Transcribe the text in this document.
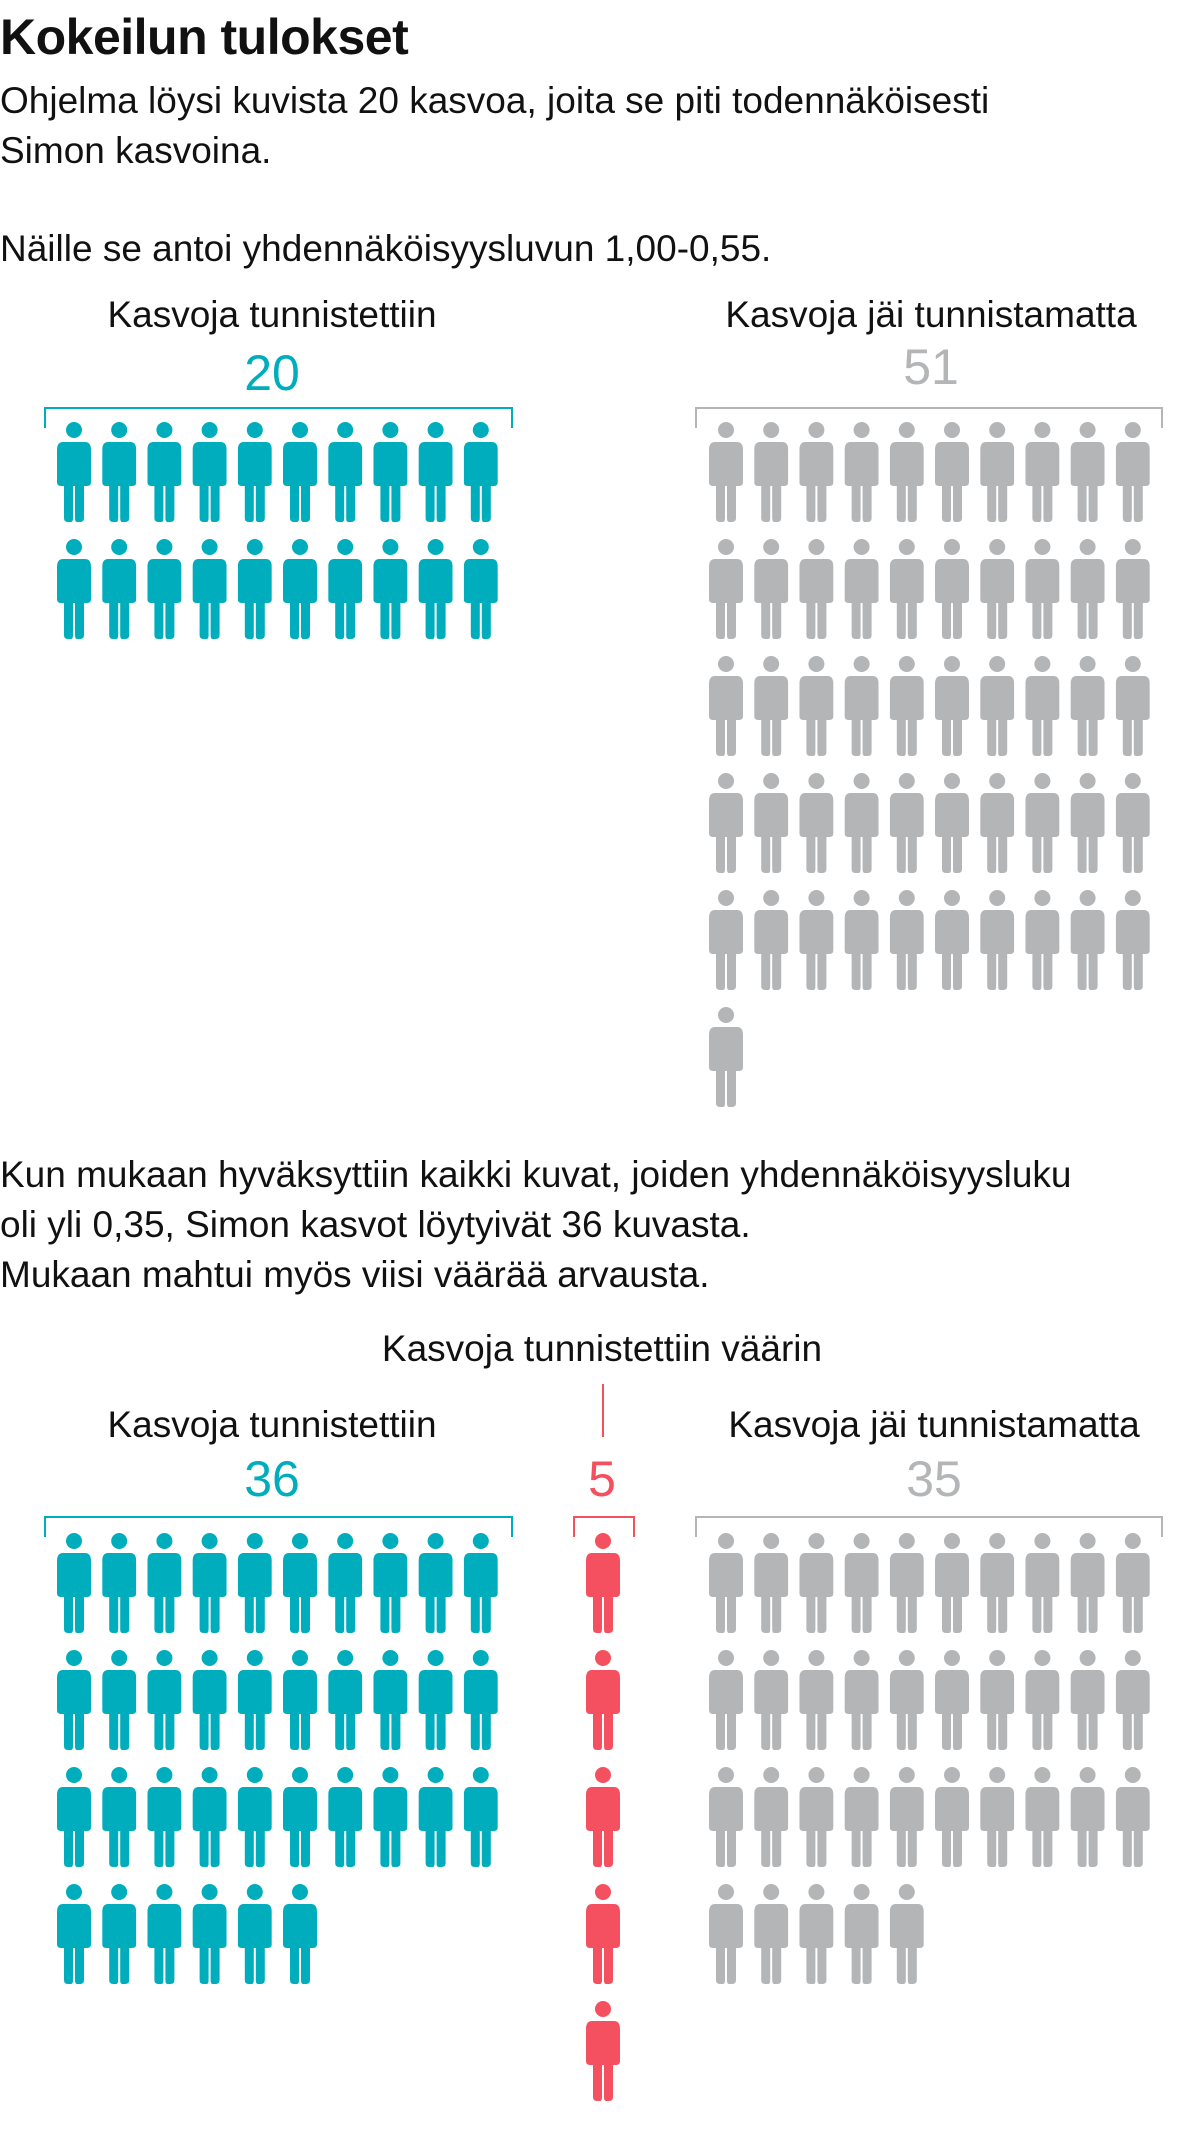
Kokeilun tulokset
Ohjelma löysi kuvista 20 kasvoa, joita se piti todennäköisesti
Simon kasvoina.
Näille se antoi yhdennäköisyysluvun 1,00-0,55.
Kasvoja tunnistettiin
20
Kasvoja jäi tunnistamatta
51
Kun mukaan hyväksyttiin kaikki kuvat, joiden yhdennäköisyysluku
oli yli 0,35, Simon kasvot löytyivät 36 kuvasta.
Mukaan mahtui myös viisi väärää arvausta.
Kasvoja tunnistettiin väärin
Kasvoja tunnistettiin
36	5
Kasvoja jäi tunnistamatta
35
